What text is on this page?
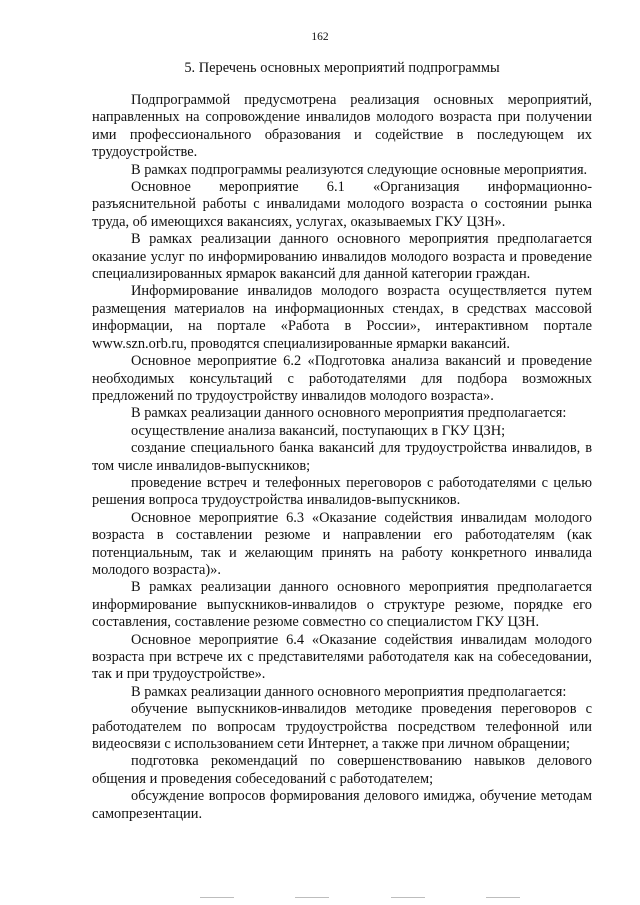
162
5. Перечень основных мероприятий подпрограммы

Подпрограммой предусмотрена реализация основных мероприятий, направленных на сопровождение инвалидов молодого возраста при получении ими профессионального образования и содействие в последующем их трудоустройстве.

В рамках подпрограммы реализуются следующие основные мероприятия.

Основное мероприятие 6.1 «Организация информационно-разъяснительной работы с инвалидами молодого возраста о состоянии рынка труда, об имеющихся вакансиях, услугах, оказываемых ГКУ ЦЗН».

В рамках реализации данного основного мероприятия предполагается оказание услуг по информированию инвалидов молодого возраста и проведение специализированных ярмарок вакансий для данной категории граждан.

Информирование инвалидов молодого возраста осуществляется путем размещения материалов на информационных стендах, в средствах массовой информации, на портале «Работа в России», интерактивном портале www.szn.orb.ru, проводятся специализированные ярмарки вакансий.

Основное мероприятие 6.2 «Подготовка анализа вакансий и проведение необходимых консультаций с работодателями для подбора возможных предложений по трудоустройству инвалидов молодого возраста».

В рамках реализации данного основного мероприятия предполагается:

осуществление анализа вакансий, поступающих в ГКУ ЦЗН;

создание специального банка вакансий для трудоустройства инвалидов, в том числе инвалидов-выпускников;

проведение встреч и телефонных переговоров с работодателями с целью решения вопроса трудоустройства инвалидов-выпускников.

Основное мероприятие 6.3 «Оказание содействия инвалидам молодого возраста в составлении резюме и направлении его работодателям (как потенциальным, так и желающим принять на работу конкретного инвалида молодого возраста)».

В рамках реализации данного основного мероприятия предполагается информирование выпускников-инвалидов о структуре резюме, порядке его составления, составление резюме совместно со специалистом ГКУ ЦЗН.

Основное мероприятие 6.4 «Оказание содействия инвалидам молодого возраста при встрече их с представителями работодателя как на собеседовании, так и при трудоустройстве».

В рамках реализации данного основного мероприятия предполагается:

обучение выпускников-инвалидов методике проведения переговоров с работодателем по вопросам трудоустройства посредством телефонной или видеосвязи с использованием сети Интернет, а также при личном обращении;

подготовка рекомендаций по совершенствованию навыков делового общения и проведения собеседований с работодателем;

обсуждение вопросов формирования делового имиджа, обучение методам самопрезентации.
